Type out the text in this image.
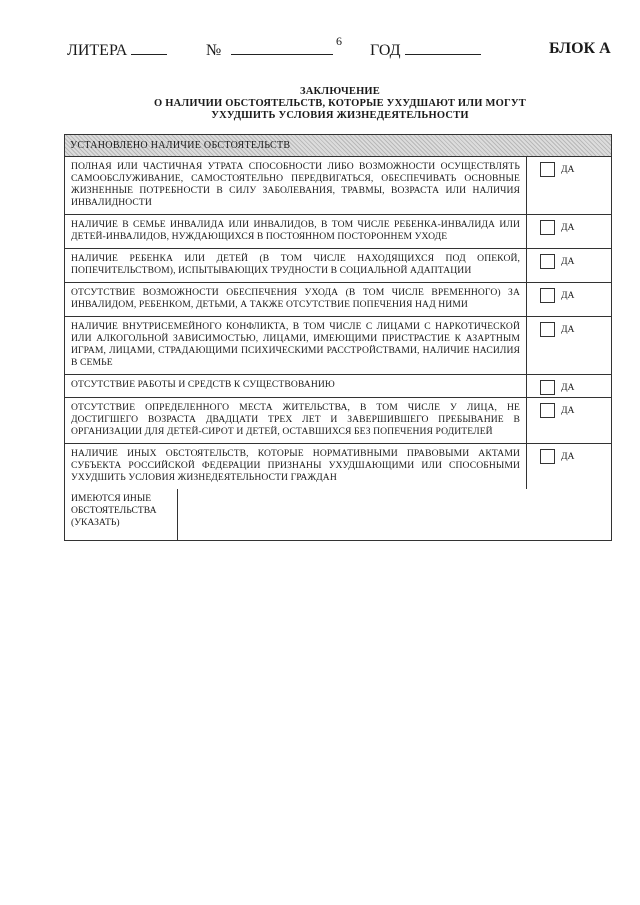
6
ЛИТЕРА	№	ГОД	БЛОК А
ЗАКЛЮЧЕНИЕ
О НАЛИЧИИ ОБСТОЯТЕЛЬСТВ, КОТОРЫЕ УХУДШАЮТ ИЛИ МОГУТ
УХУДШИТЬ УСЛОВИЯ ЖИЗНЕДЕЯТЕЛЬНОСТИ
УСТАНОВЛЕНО НАЛИЧИЕ ОБСТОЯТЕЛЬСТВ
ПОЛНАЯ ИЛИ ЧАСТИЧНАЯ УТРАТА СПОСОБНОСТИ ЛИБО ВОЗМОЖНОСТИ ОСУЩЕСТВЛЯТЬ САМООБСЛУЖИВАНИЕ, САМОСТОЯТЕЛЬНО ПЕРЕДВИГАТЬСЯ, ОБЕСПЕЧИВАТЬ ОСНОВНЫЕ ЖИЗНЕННЫЕ ПОТРЕБНОСТИ В СИЛУ ЗАБОЛЕВАНИЯ, ТРАВМЫ, ВОЗРАСТА ИЛИ НАЛИЧИЯ ИНВАЛИДНОСТИ
ДА
НАЛИЧИЕ В СЕМЬЕ ИНВАЛИДА ИЛИ ИНВАЛИДОВ, В ТОМ ЧИСЛЕ РЕБЕНКА-ИНВАЛИДА ИЛИ ДЕТЕЙ-ИНВАЛИДОВ, НУЖДАЮЩИХСЯ В ПОСТОЯННОМ ПОСТОРОННЕМ УХОДЕ
ДА
НАЛИЧИЕ РЕБЕНКА ИЛИ ДЕТЕЙ (В ТОМ ЧИСЛЕ НАХОДЯЩИХСЯ ПОД ОПЕКОЙ, ПОПЕЧИТЕЛЬСТВОМ), ИСПЫТЫВАЮЩИХ ТРУДНОСТИ В СОЦИАЛЬНОЙ АДАПТАЦИИ
ДА
ОТСУТСТВИЕ ВОЗМОЖНОСТИ ОБЕСПЕЧЕНИЯ УХОДА (В ТОМ ЧИСЛЕ ВРЕМЕННОГО) ЗА ИНВАЛИДОМ, РЕБЕНКОМ, ДЕТЬМИ, А ТАКЖЕ ОТСУТСТВИЕ ПОПЕЧЕНИЯ НАД НИМИ
ДА
НАЛИЧИЕ ВНУТРИСЕМЕЙНОГО КОНФЛИКТА, В ТОМ ЧИСЛЕ С ЛИЦАМИ С НАРКОТИЧЕСКОЙ ИЛИ АЛКОГОЛЬНОЙ ЗАВИСИМОСТЬЮ, ЛИЦАМИ, ИМЕЮЩИМИ ПРИСТРАСТИЕ К АЗАРТНЫМ ИГРАМ, ЛИЦАМИ, СТРАДАЮЩИМИ ПСИХИЧЕСКИМИ РАССТРОЙСТВАМИ, НАЛИЧИЕ НАСИЛИЯ В СЕМЬЕ
ДА
ОТСУТСТВИЕ РАБОТЫ И СРЕДСТВ К СУЩЕСТВОВАНИЮ	ДА
ОТСУТСТВИЕ ОПРЕДЕЛЕННОГО МЕСТА ЖИТЕЛЬСТВА, В ТОМ ЧИСЛЕ У ЛИЦА, НЕ ДОСТИГШЕГО ВОЗРАСТА ДВАДЦАТИ ТРЕХ ЛЕТ И ЗАВЕРШИВШЕГО ПРЕБЫВАНИЕ В ОРГАНИЗАЦИИ ДЛЯ ДЕТЕЙ-СИРОТ И ДЕТЕЙ, ОСТАВШИХСЯ БЕЗ ПОПЕЧЕНИЯ РОДИТЕЛЕЙ
ДА
НАЛИЧИЕ ИНЫХ ОБСТОЯТЕЛЬСТВ, КОТОРЫЕ НОРМАТИВНЫМИ ПРАВОВЫМИ АКТАМИ СУБЪЕКТА РОССИЙСКОЙ ФЕДЕРАЦИИ ПРИЗНАНЫ УХУДШАЮЩИМИ ИЛИ СПОСОБНЫМИ УХУДШИТЬ УСЛОВИЯ ЖИЗНЕДЕЯТЕЛЬНОСТИ ГРАЖДАН
ДА
ИМЕЮТСЯ ИНЫЕ ОБСТОЯТЕЛЬСТВА (УКАЗАТЬ)
